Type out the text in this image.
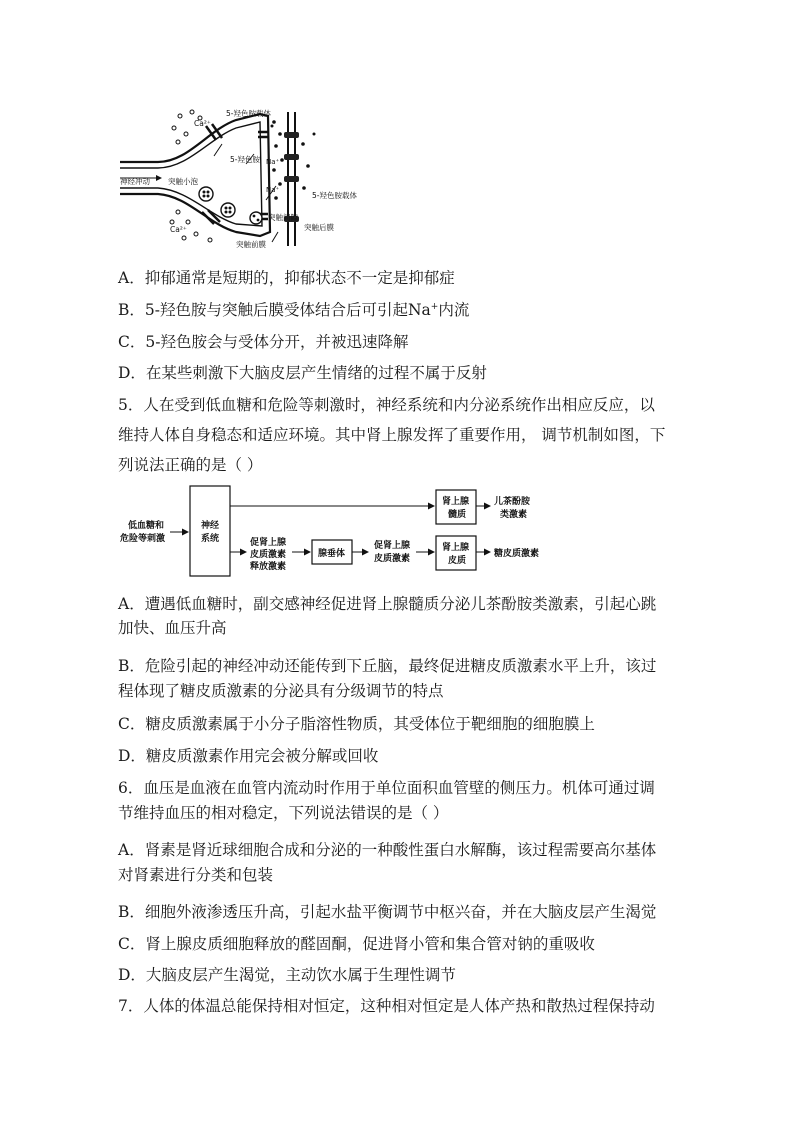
5-羟色胺载体
Ca²⁺
5-羟色胺 Na⁺
Na⁺
神经冲动 突触小泡
5-羟色胺载体
突触间隙
突触后膜
Ca²⁺
突触前膜
A．抑郁通常是短期的，抑郁状态不一定是抑郁症
B．5-羟色胺与突触后膜受体结合后可引起Na+内流
C．5-羟色胺会与受体分开，并被迅速降解
D．在某些刺激下大脑皮层产生情绪的过程不属于反射
5．人在受到低血糖和危险等刺激时，神经系统和内分泌系统作出相应反应，以
维持人体自身稳态和适应环境。其中肾上腺发挥了重要作用， 调节机制如图，下
列说法正确的是（ ）
低血糖和
危险等刺激
神经
系统	促肾上腺
皮质激素
释放激素
腺垂体
促肾上腺
皮质激素
肾上腺
髓质
肾上腺
皮质
儿茶酚胺
类激素
糖皮质激素
A．遭遇低血糖时，副交感神经促进肾上腺髓质分泌儿茶酚胺类激素，引起心跳
加快、血压升高
B．危险引起的神经冲动还能传到下丘脑，最终促进糖皮质激素水平上升，该过
程体现了糖皮质激素的分泌具有分级调节的特点
C．糖皮质激素属于小分子脂溶性物质，其受体位于靶细胞的细胞膜上
D．糖皮质激素作用完会被分解或回收
6．血压是血液在血管内流动时作用于单位面积血管壁的侧压力。机体可通过调
节维持血压的相对稳定，下列说法错误的是（ ）
A．肾素是肾近球细胞合成和分泌的一种酸性蛋白水解酶，该过程需要高尔基体
对肾素进行分类和包装
B．细胞外液渗透压升高，引起水盐平衡调节中枢兴奋，并在大脑皮层产生渴觉
C．肾上腺皮质细胞释放的醛固酮，促进肾小管和集合管对钠的重吸收
D．大脑皮层产生渴觉，主动饮水属于生理性调节
7．人体的体温总能保持相对恒定，这种相对恒定是人体产热和散热过程保持动
